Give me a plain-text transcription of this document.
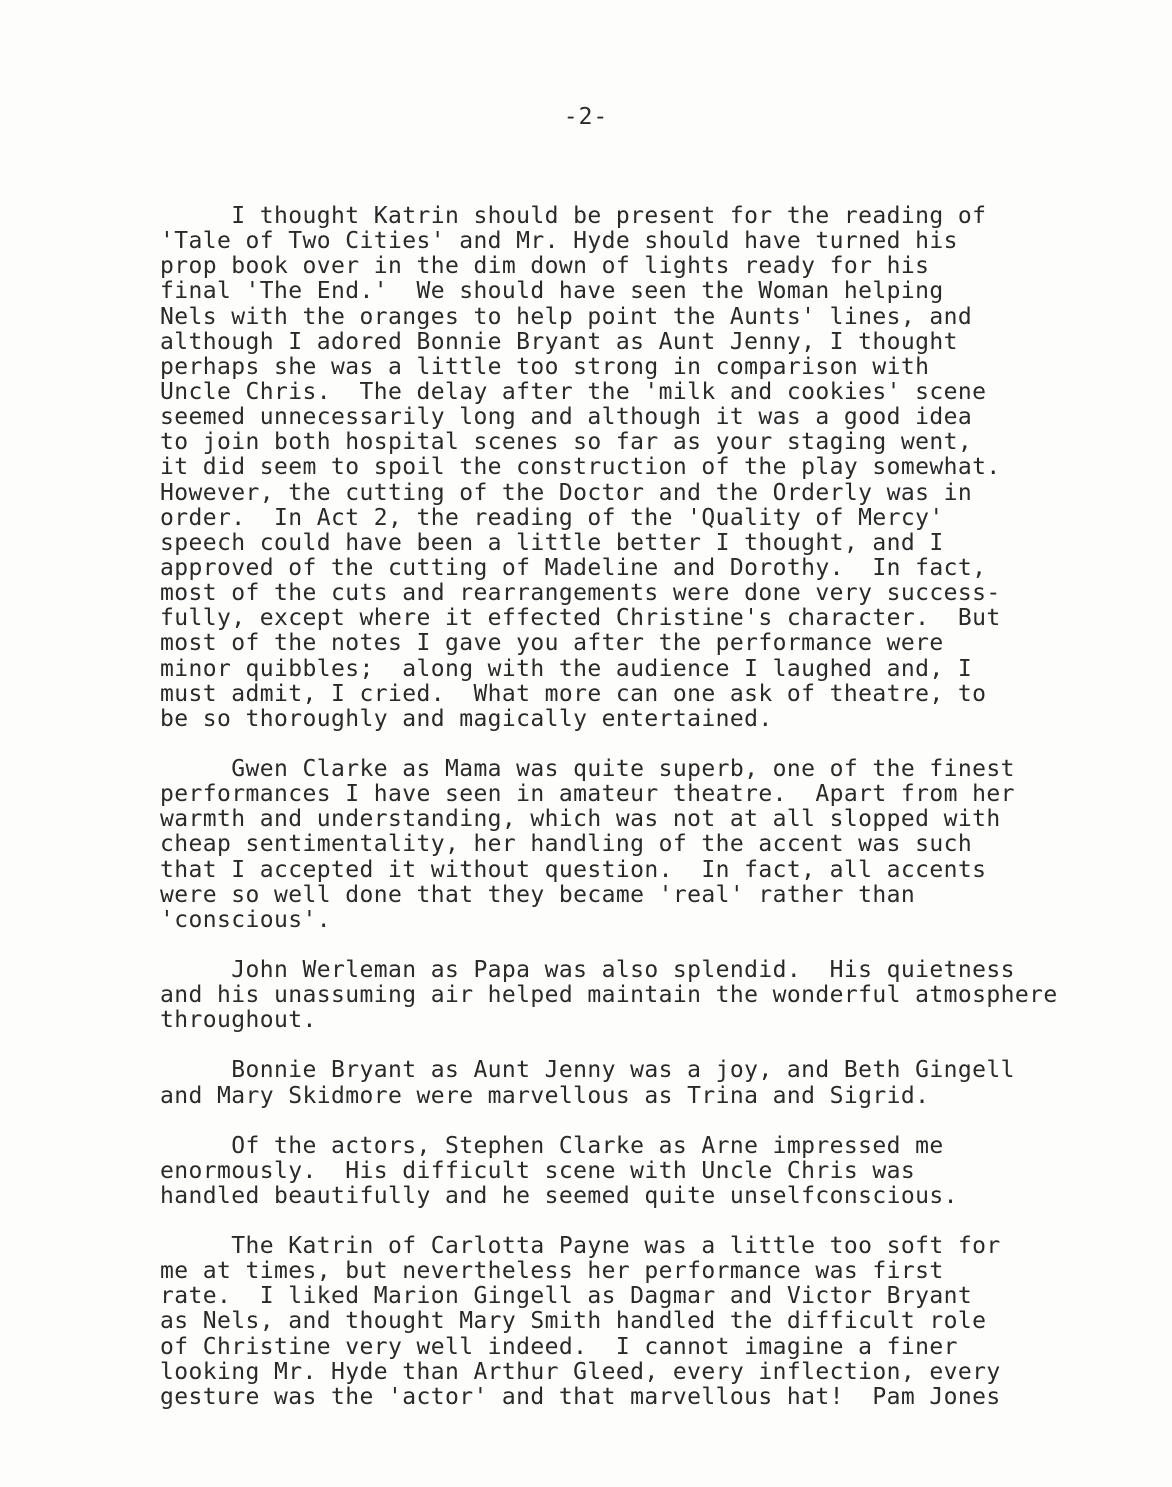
-2-
I thought Katrin should be present for the reading of
'Tale of Two Cities' and Mr. Hyde should have turned his
prop book over in the dim down of lights ready for his
final 'The End.'  We should have seen the Woman helping
Nels with the oranges to help point the Aunts' lines, and
although I adored Bonnie Bryant as Aunt Jenny, I thought
perhaps she was a little too strong in comparison with
Uncle Chris.  The delay after the 'milk and cookies' scene
seemed unnecessarily long and although it was a good idea
to join both hospital scenes so far as your staging went,
it did seem to spoil the construction of the play somewhat.
However, the cutting of the Doctor and the Orderly was in
order.  In Act 2, the reading of the 'Quality of Mercy'
speech could have been a little better I thought, and I
approved of the cutting of Madeline and Dorothy.  In fact,
most of the cuts and rearrangements were done very success-
fully, except where it effected Christine's character.  But
most of the notes I gave you after the performance were
minor quibbles;  along with the audience I laughed and, I
must admit, I cried.  What more can one ask of theatre, to
be so thoroughly and magically entertained.
Gwen Clarke as Mama was quite superb, one of the finest
performances I have seen in amateur theatre.  Apart from her
warmth and understanding, which was not at all slopped with
cheap sentimentality, her handling of the accent was such
that I accepted it without question.  In fact, all accents
were so well done that they became 'real' rather than
'conscious'.
John Werleman as Papa was also splendid.  His quietness
and his unassuming air helped maintain the wonderful atmosphere
throughout.
Bonnie Bryant as Aunt Jenny was a joy, and Beth Gingell
and Mary Skidmore were marvellous as Trina and Sigrid.
Of the actors, Stephen Clarke as Arne impressed me
enormously.  His difficult scene with Uncle Chris was
handled beautifully and he seemed quite unselfconscious.
The Katrin of Carlotta Payne was a little too soft for
me at times, but nevertheless her performance was first
rate.  I liked Marion Gingell as Dagmar and Victor Bryant
as Nels, and thought Mary Smith handled the difficult role
of Christine very well indeed.  I cannot imagine a finer
looking Mr. Hyde than Arthur Gleed, every inflection, every
gesture was the 'actor' and that marvellous hat!  Pam Jones
